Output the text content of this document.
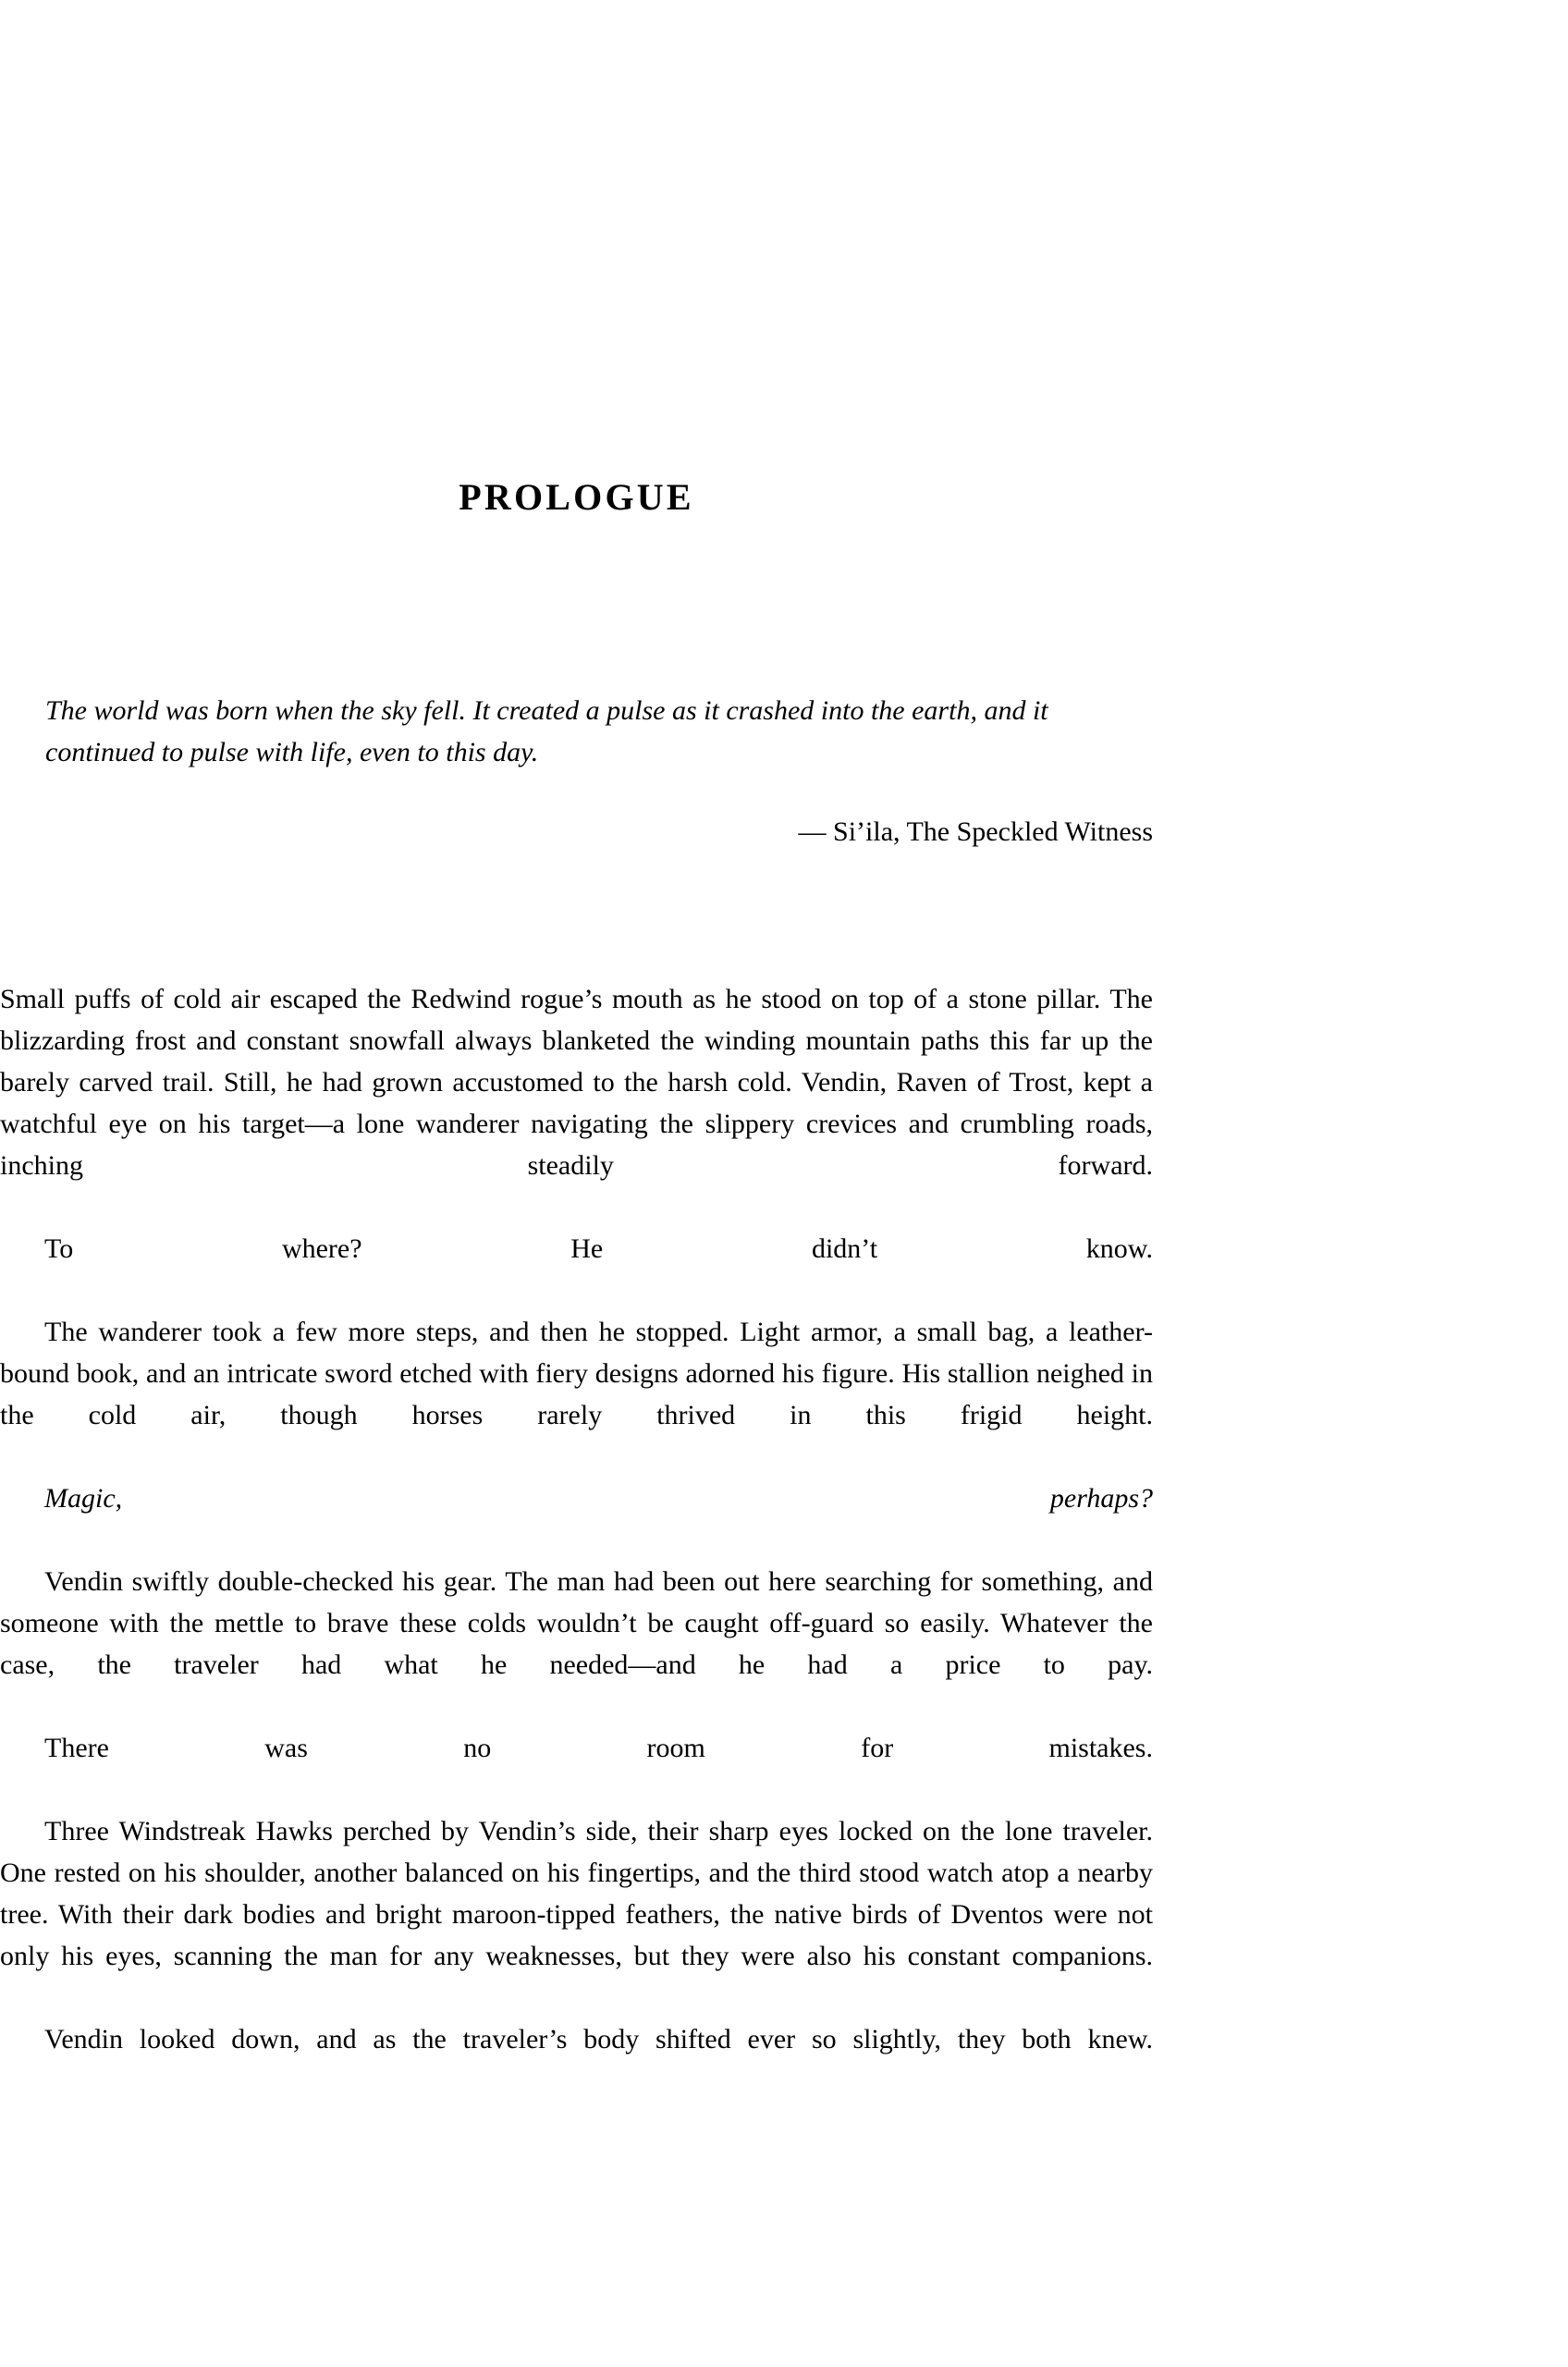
PROLOGUE

The world was born when the sky fell. It created a pulse as it crashed into the earth, and it continued to pulse with life, even to this day.

— Si’ila, The Speckled Witness

Small puffs of cold air escaped the Redwind rogue’s mouth as he stood on top of a stone pillar. The blizzarding frost and constant snowfall always blanketed the winding mountain paths this far up the barely carved trail. Still, he had grown accustomed to the harsh cold. Vendin, Raven of Trost, kept a watchful eye on his target—a lone wanderer navigating the slippery crevices and crumbling roads, inching steadily forward.

To where? He didn’t know.

The wanderer took a few more steps, and then he stopped. Light armor, a small bag, a leather-bound book, and an intricate sword etched with fiery designs adorned his figure. His stallion neighed in the cold air, though horses rarely thrived in this frigid height.

Magic, perhaps?

Vendin swiftly double-checked his gear. The man had been out here searching for something, and someone with the mettle to brave these colds wouldn’t be caught off-guard so easily. Whatever the case, the traveler had what he needed—and he had a price to pay.

There was no room for mistakes.

Three Windstreak Hawks perched by Vendin’s side, their sharp eyes locked on the lone traveler. One rested on his shoulder, another balanced on his fingertips, and the third stood watch atop a nearby tree. With their dark bodies and bright maroon-tipped feathers, the native birds of Dventos were not only his eyes, scanning the man for any weaknesses, but they were also his constant companions.

Vendin looked down, and as the traveler’s body shifted ever so slightly, they both knew.
